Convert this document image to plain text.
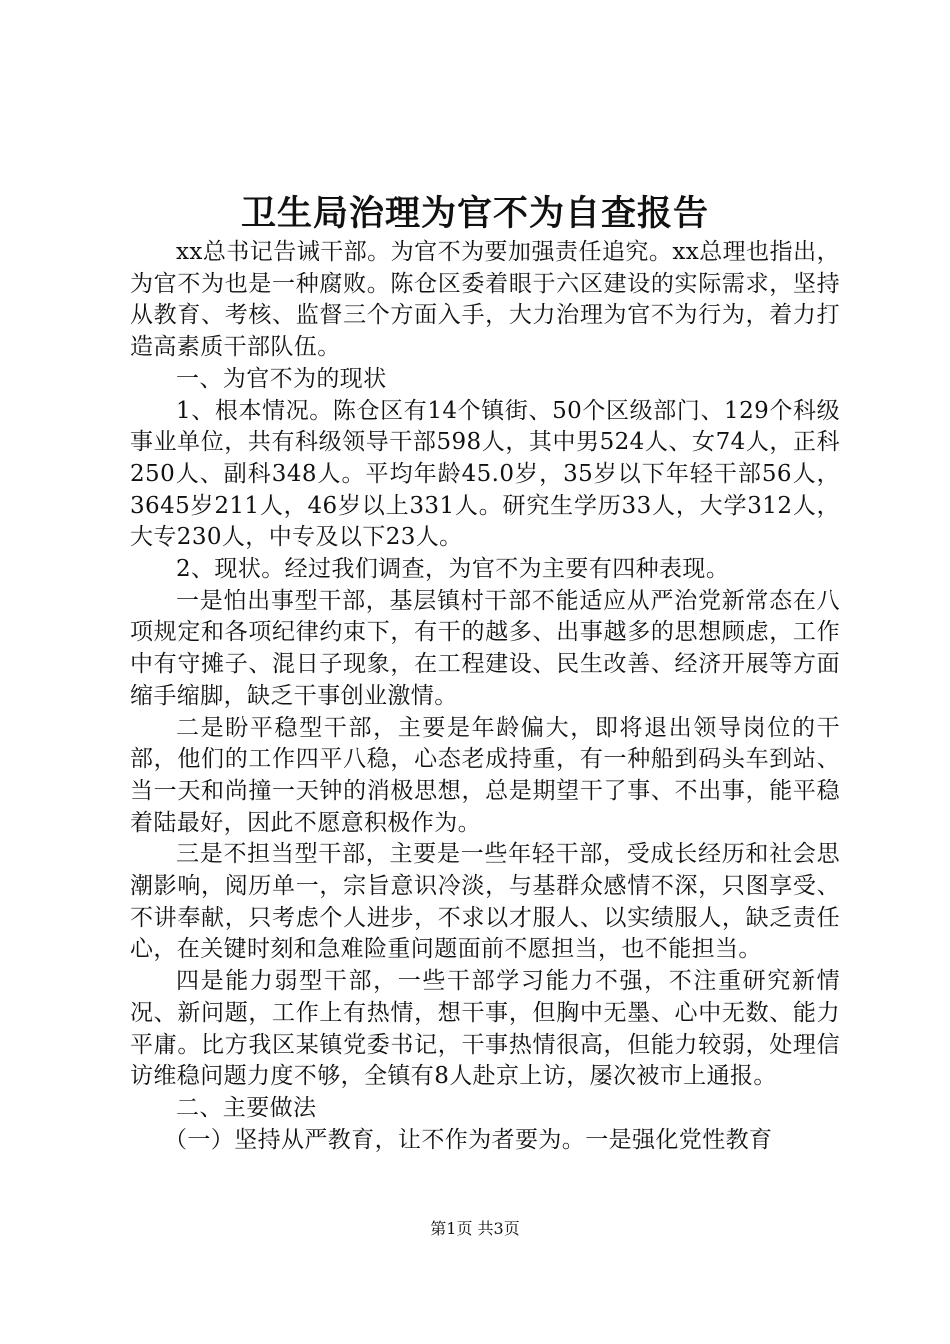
卫生局治理为官不为自查报告

xx总书记告诫干部。为官不为要加强责任追究。xx总理也指出，为官不为也是一种腐败。陈仓区委着眼于六区建设的实际需求，坚持从教育、考核、监督三个方面入手，大力治理为官不为行为，着力打造高素质干部队伍。

一、为官不为的现状

1、根本情况。陈仓区有14个镇街、50个区级部门、129个科级事业单位，共有科级领导干部598人，其中男524人、女74人，正科250人、副科348人。平均年龄45.0岁，35岁以下年轻干部56人，3645岁211人，46岁以上331人。研究生学历33人，大学312人，大专230人，中专及以下23人。

2、现状。经过我们调查，为官不为主要有四种表现。

一是怕出事型干部，基层镇村干部不能适应从严治党新常态在八项规定和各项纪律约束下，有干的越多、出事越多的思想顾虑，工作中有守摊子、混日子现象，在工程建设、民生改善、经济开展等方面缩手缩脚，缺乏干事创业激情。

二是盼平稳型干部，主要是年龄偏大，即将退出领导岗位的干部，他们的工作四平八稳，心态老成持重，有一种船到码头车到站、当一天和尚撞一天钟的消极思想，总是期望干了事、不出事，能平稳着陆最好，因此不愿意积极作为。

三是不担当型干部，主要是一些年轻干部，受成长经历和社会思潮影响，阅历单一，宗旨意识冷淡，与基群众感情不深，只图享受、不讲奉献，只考虑个人进步，不求以才服人、以实绩服人，缺乏责任心，在关键时刻和急难险重问题面前不愿担当，也不能担当。

四是能力弱型干部，一些干部学习能力不强，不注重研究新情况、新问题，工作上有热情，想干事，但胸中无墨、心中无数、能力平庸。比方我区某镇党委书记，干事热情很高，但能力较弱，处理信访维稳问题力度不够，全镇有8人赴京上访，屡次被市上通报。

二、主要做法

（一）坚持从严教育，让不作为者要为。一是强化党性教育

第1页 共3页
